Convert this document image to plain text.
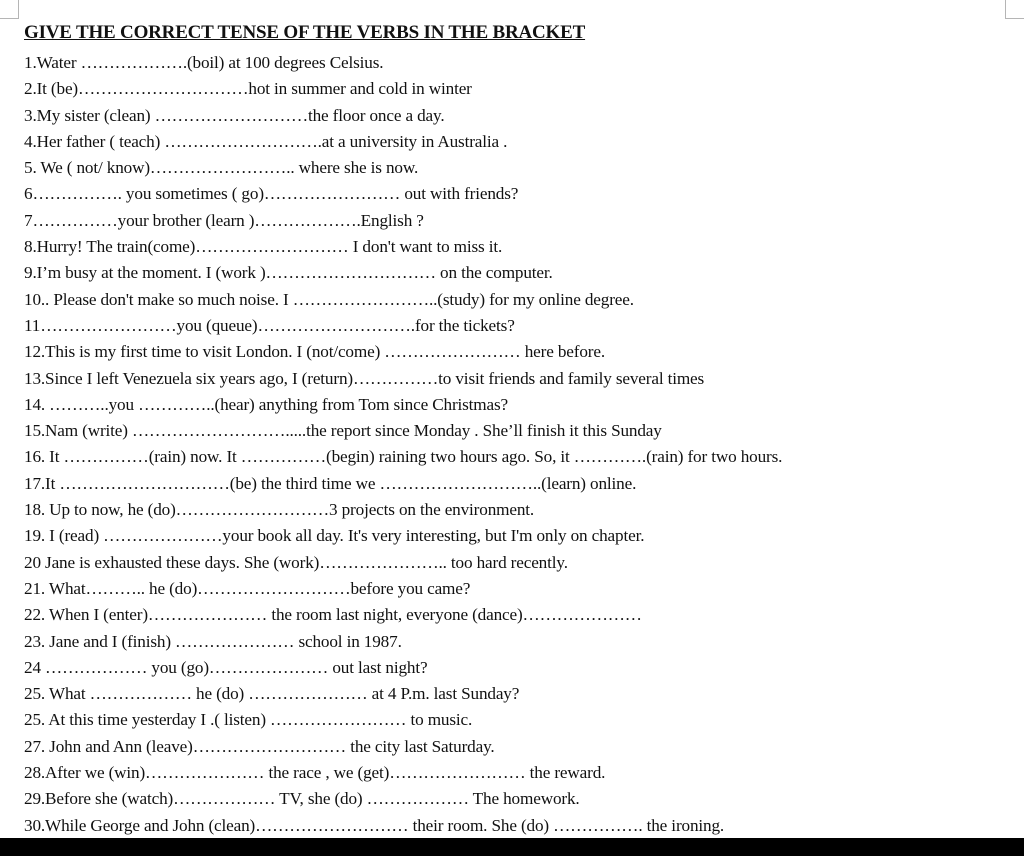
GIVE THE CORRECT TENSE OF THE VERBS IN THE BRACKET
1.Water ……………….(boil) at 100 degrees Celsius.
2.It (be)…………………………hot in summer and cold in winter
3.My sister (clean) ………………………the floor once a day.
4.Her father ( teach) ……………………….at a university in Australia .
5. We ( not/ know)…………………….. where she is now.
6……………. you sometimes ( go)…………………… out with friends?
7……………your brother (learn )……………….English ?
8.Hurry! The train(come)……………………… I don't want to miss it.
9.I’m busy at the moment. I (work )………………………… on the computer.
10.. Please don't make so much noise. I ……………………..(study) for my online degree.
11……………………you (queue)……………………….for the tickets?
12.This is my first time to visit London. I (not/come) …………………… here before.
13.Since I left Venezuela six years ago, I (return)……………to visit friends and family several times
14. ………..you …………..(hear) anything from Tom since Christmas?
15.Nam (write) ……………………….....the report since Monday . She’ll finish it this Sunday
16. It ……………(rain) now. It ……………(begin) raining two hours ago. So, it ………….(rain) for two hours.
17.It …………………………(be) the third time we ………………………..(learn) online.
18. Up to now, he (do)………………………3 projects on the environment.
19. I (read) …………………your book all day. It's very interesting, but I'm only on chapter.
20 Jane is exhausted these days. She (work)………………….. too hard recently.
21. What……….. he (do)………………………before you came?
22. When I (enter)………………… the room last night, everyone (dance)…………………
23. Jane and I (finish) ………………… school in 1987.
24 ……………… you (go)………………… out last night?
25. What ……………… he (do) ………………… at 4 P.m. last Sunday?
25. At this time yesterday I .( listen) …………………… to music.
27. John and Ann (leave)……………………… the city last Saturday.
28.After we (win)………………… the race , we (get)…………………… the reward.
29.Before she (watch)……………… TV, she (do) ……………… The homework.
30.While George and John (clean)……………………… their room. She (do) ……………. the ironing.
